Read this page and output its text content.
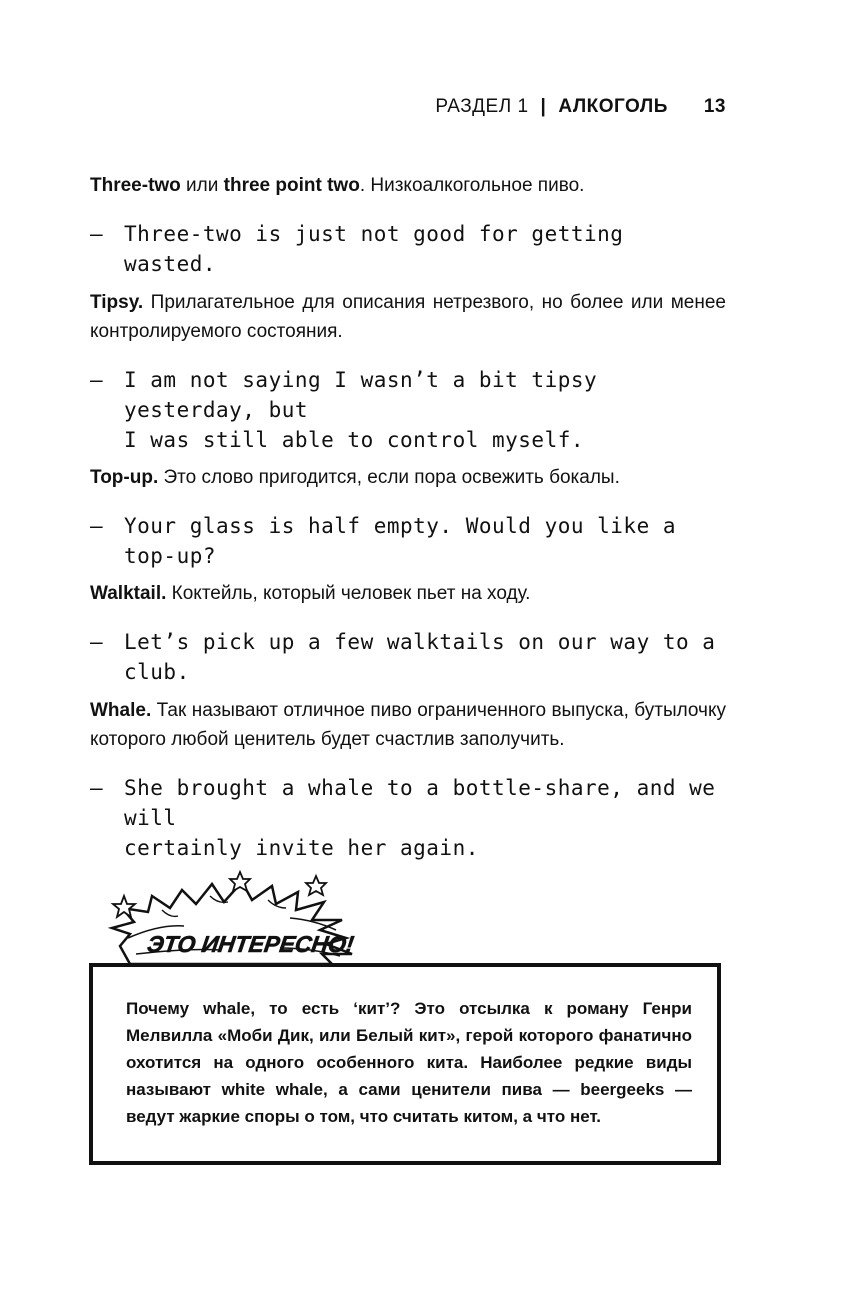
РАЗДЕЛ 1 | АЛКОГОЛЬ 13

Three-two или three point two. Низкоалкогольное пиво.

— Three-two is just not good for getting wasted.

Tipsy. Прилагательное для описания нетрезвого, но более или менее контролируемого состояния.

— I am not saying I wasn’t a bit tipsy yesterday, but
I was still able to control myself.

Top-up. Это слово пригодится, если пора освежить бокалы.

— Your glass is half empty. Would you like a top-up?

Walktail. Коктейль, который человек пьет на ходу.

— Let’s pick up a few walktails on our way to a club.

Whale. Так называют отличное пиво ограниченного выпуска, бутылочку которого любой ценитель будет счастлив заполучить.

— She brought a whale to a bottle-share, and we will
certainly invite her again.

ЭТО ИНТЕРЕСНО!

Почему whale, то есть ‘кит’? Это отсылка к роману Генри Мелвилла «Моби Дик, или Белый кит», герой которого фанатично охотится на одного особенного кита. Наиболее редкие виды называют white whale, а сами ценители пива — beergeeks — ведут жаркие споры о том, что считать китом, а что нет.
